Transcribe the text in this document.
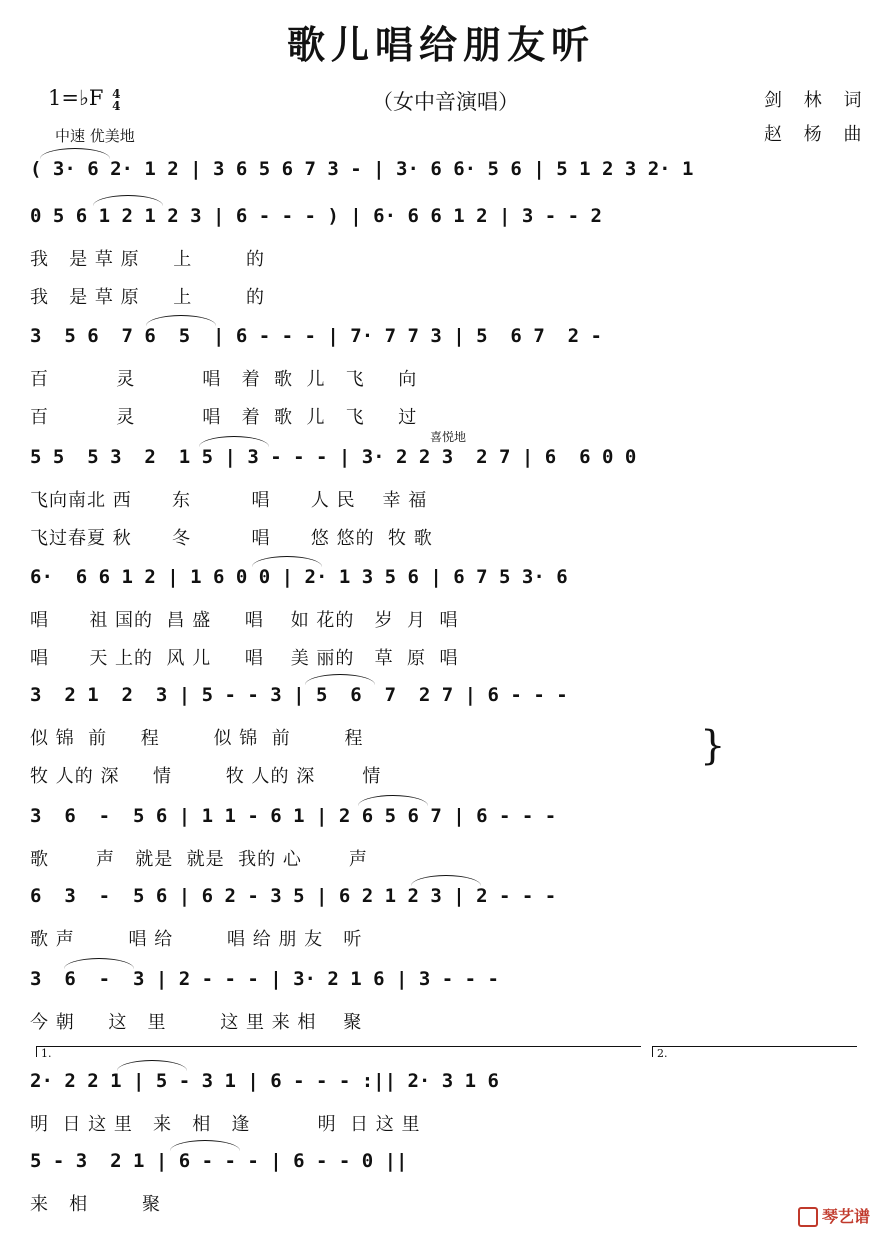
歌儿唱给朋友听
1=♭F 4
4	（女中音演唱）	剑 林 词
中速 优美地	赵 杨 曲
( 3· 6 2· 1 2 | 3 6 5 6 7 3 - | 3· 6 6· 5 6 | 5 1 2 3 2· 1
0 5 6 1 2 1 2 3 | 6 - - - ) | 6· 6 6 1 2 | 3 - - 2
我   是 草 原     上        的
我   是 草 原     上        的
3  5 6  7 6  5  | 6 - - - | 7· 7 7 3 | 5  6 7  2 -
百          灵          唱   着  歌  儿   飞     向
百          灵          唱   着  歌  儿   飞     过
5 5  5 3  2  1 5 | 3 - - - | 3· 2 2 3  2 7 | 6  6 0 0
飞向南北 西      东         唱      人 民    幸 福
飞过春夏 秋      冬         唱      悠 悠的  牧 歌
6·  6 6 1 2 | 1 6 0 0 | 2· 1 3 5 6 | 6 7 5 3· 6
唱      祖 国的  昌 盛     唱    如 花的   岁  月  唱
唱      天 上的  风 儿     唱    美 丽的   草  原  唱
3  2 1  2  3 | 5 - - 3 | 5  6  7  2 7 | 6 - - -
似 锦  前     程        似 锦  前        程
牧 人的 深     情        牧 人的 深       情
3  6  -  5 6 | 1 1 - 6 1 | 2 6 5 6 7 | 6 - - -
歌       声   就是  就是  我的 心       声
6  3  -  5 6 | 6 2 - 3 5 | 6 2 1 2 3 | 2 - - -
歌 声        唱 给        唱 给 朋 友   听
3  6  -  3 | 2 - - - | 3· 2 1 6 | 3 - - -
今 朝     这   里        这 里 来 相    聚
2· 2 2 1 | 5 - 3 1 | 6 - - - :|| 2· 3 1 6
明  日 这 里   来   相   逢          明  日 这 里
5 - 3  2 1 | 6 - - - | 6 - - 0 ||
来   相        聚
喜悦地
1.	2.
}
琴艺谱
